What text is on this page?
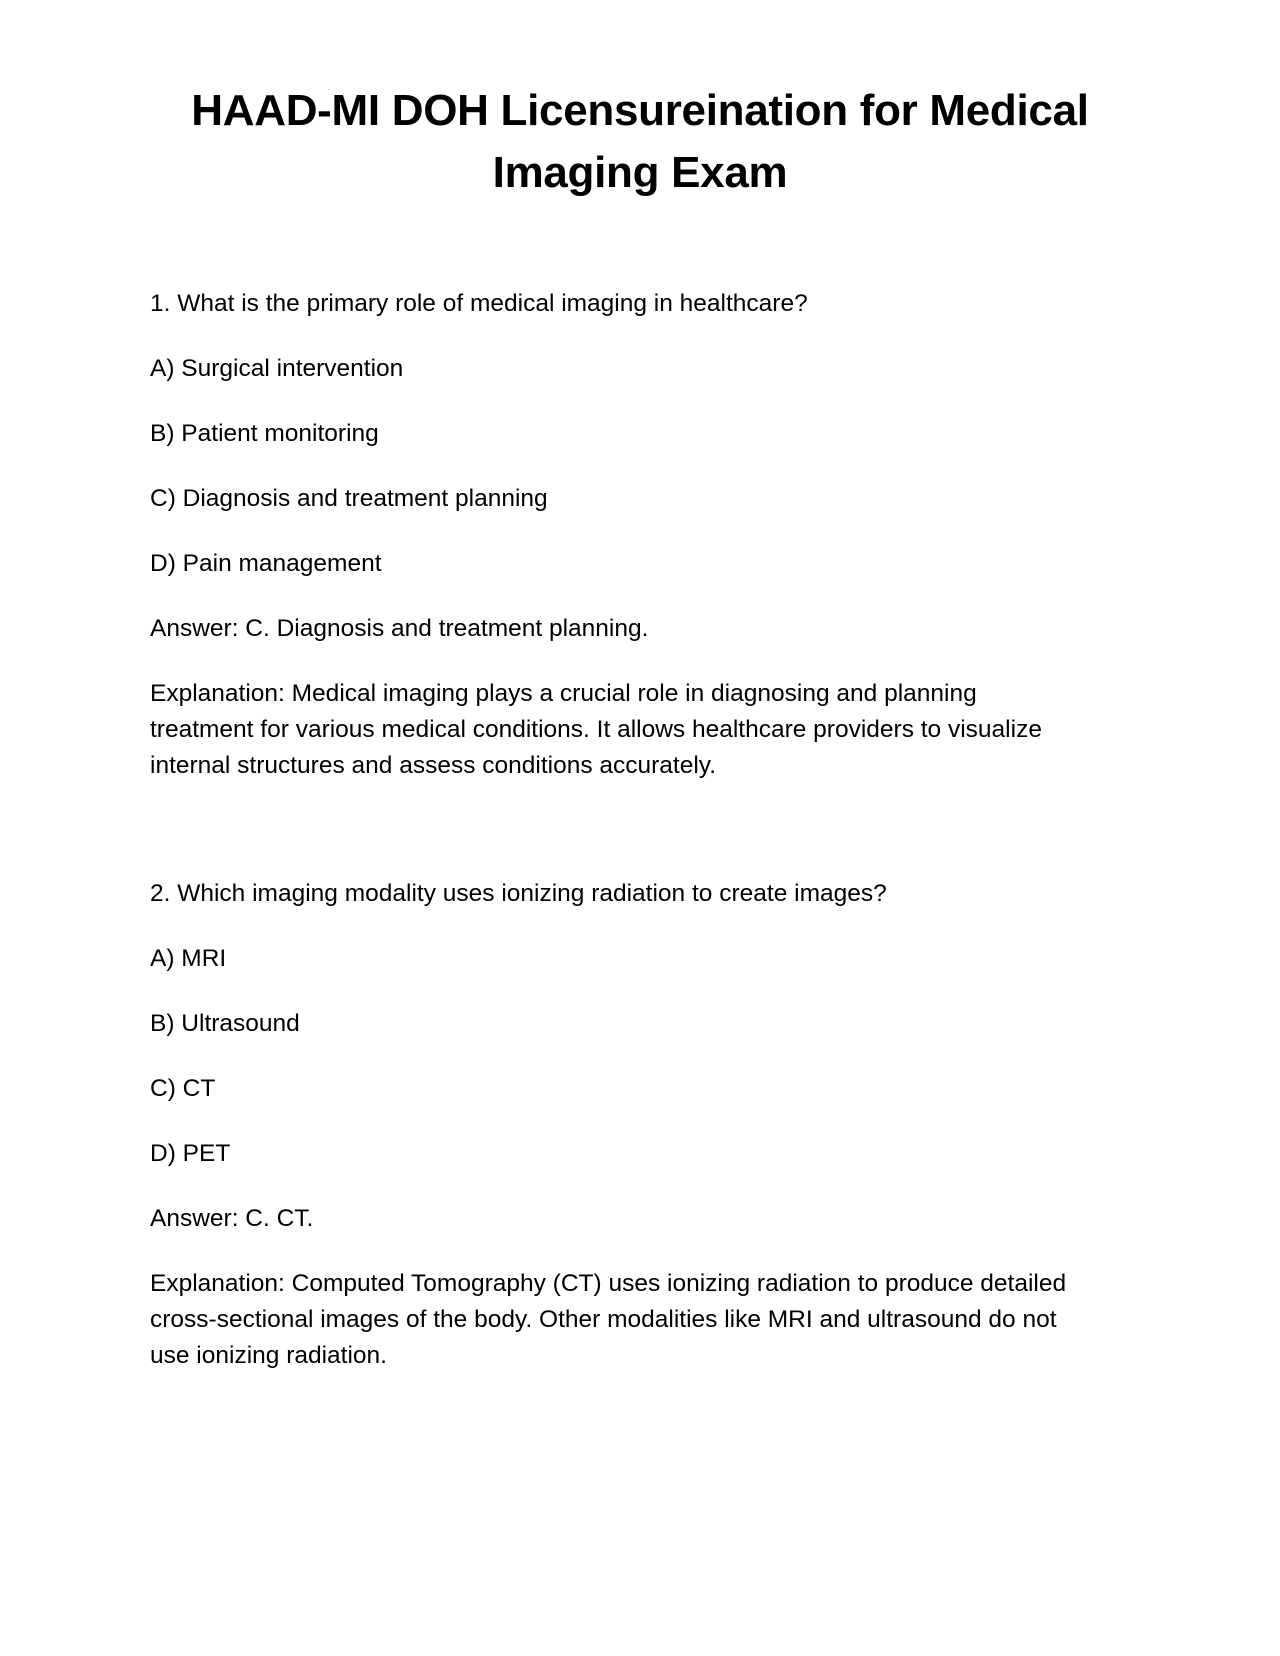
HAAD-MI DOH Licensureination for Medical
Imaging Exam

1. What is the primary role of medical imaging in healthcare?

A) Surgical intervention

B) Patient monitoring

C) Diagnosis and treatment planning

D) Pain management

Answer: C. Diagnosis and treatment planning.

Explanation: Medical imaging plays a crucial role in diagnosing and planning treatment for various medical conditions. It allows healthcare providers to visualize internal structures and assess conditions accurately.

2. Which imaging modality uses ionizing radiation to create images?

A) MRI

B) Ultrasound

C) CT

D) PET

Answer: C. CT.

Explanation: Computed Tomography (CT) uses ionizing radiation to produce detailed cross-sectional images of the body. Other modalities like MRI and ultrasound do not use ionizing radiation.
